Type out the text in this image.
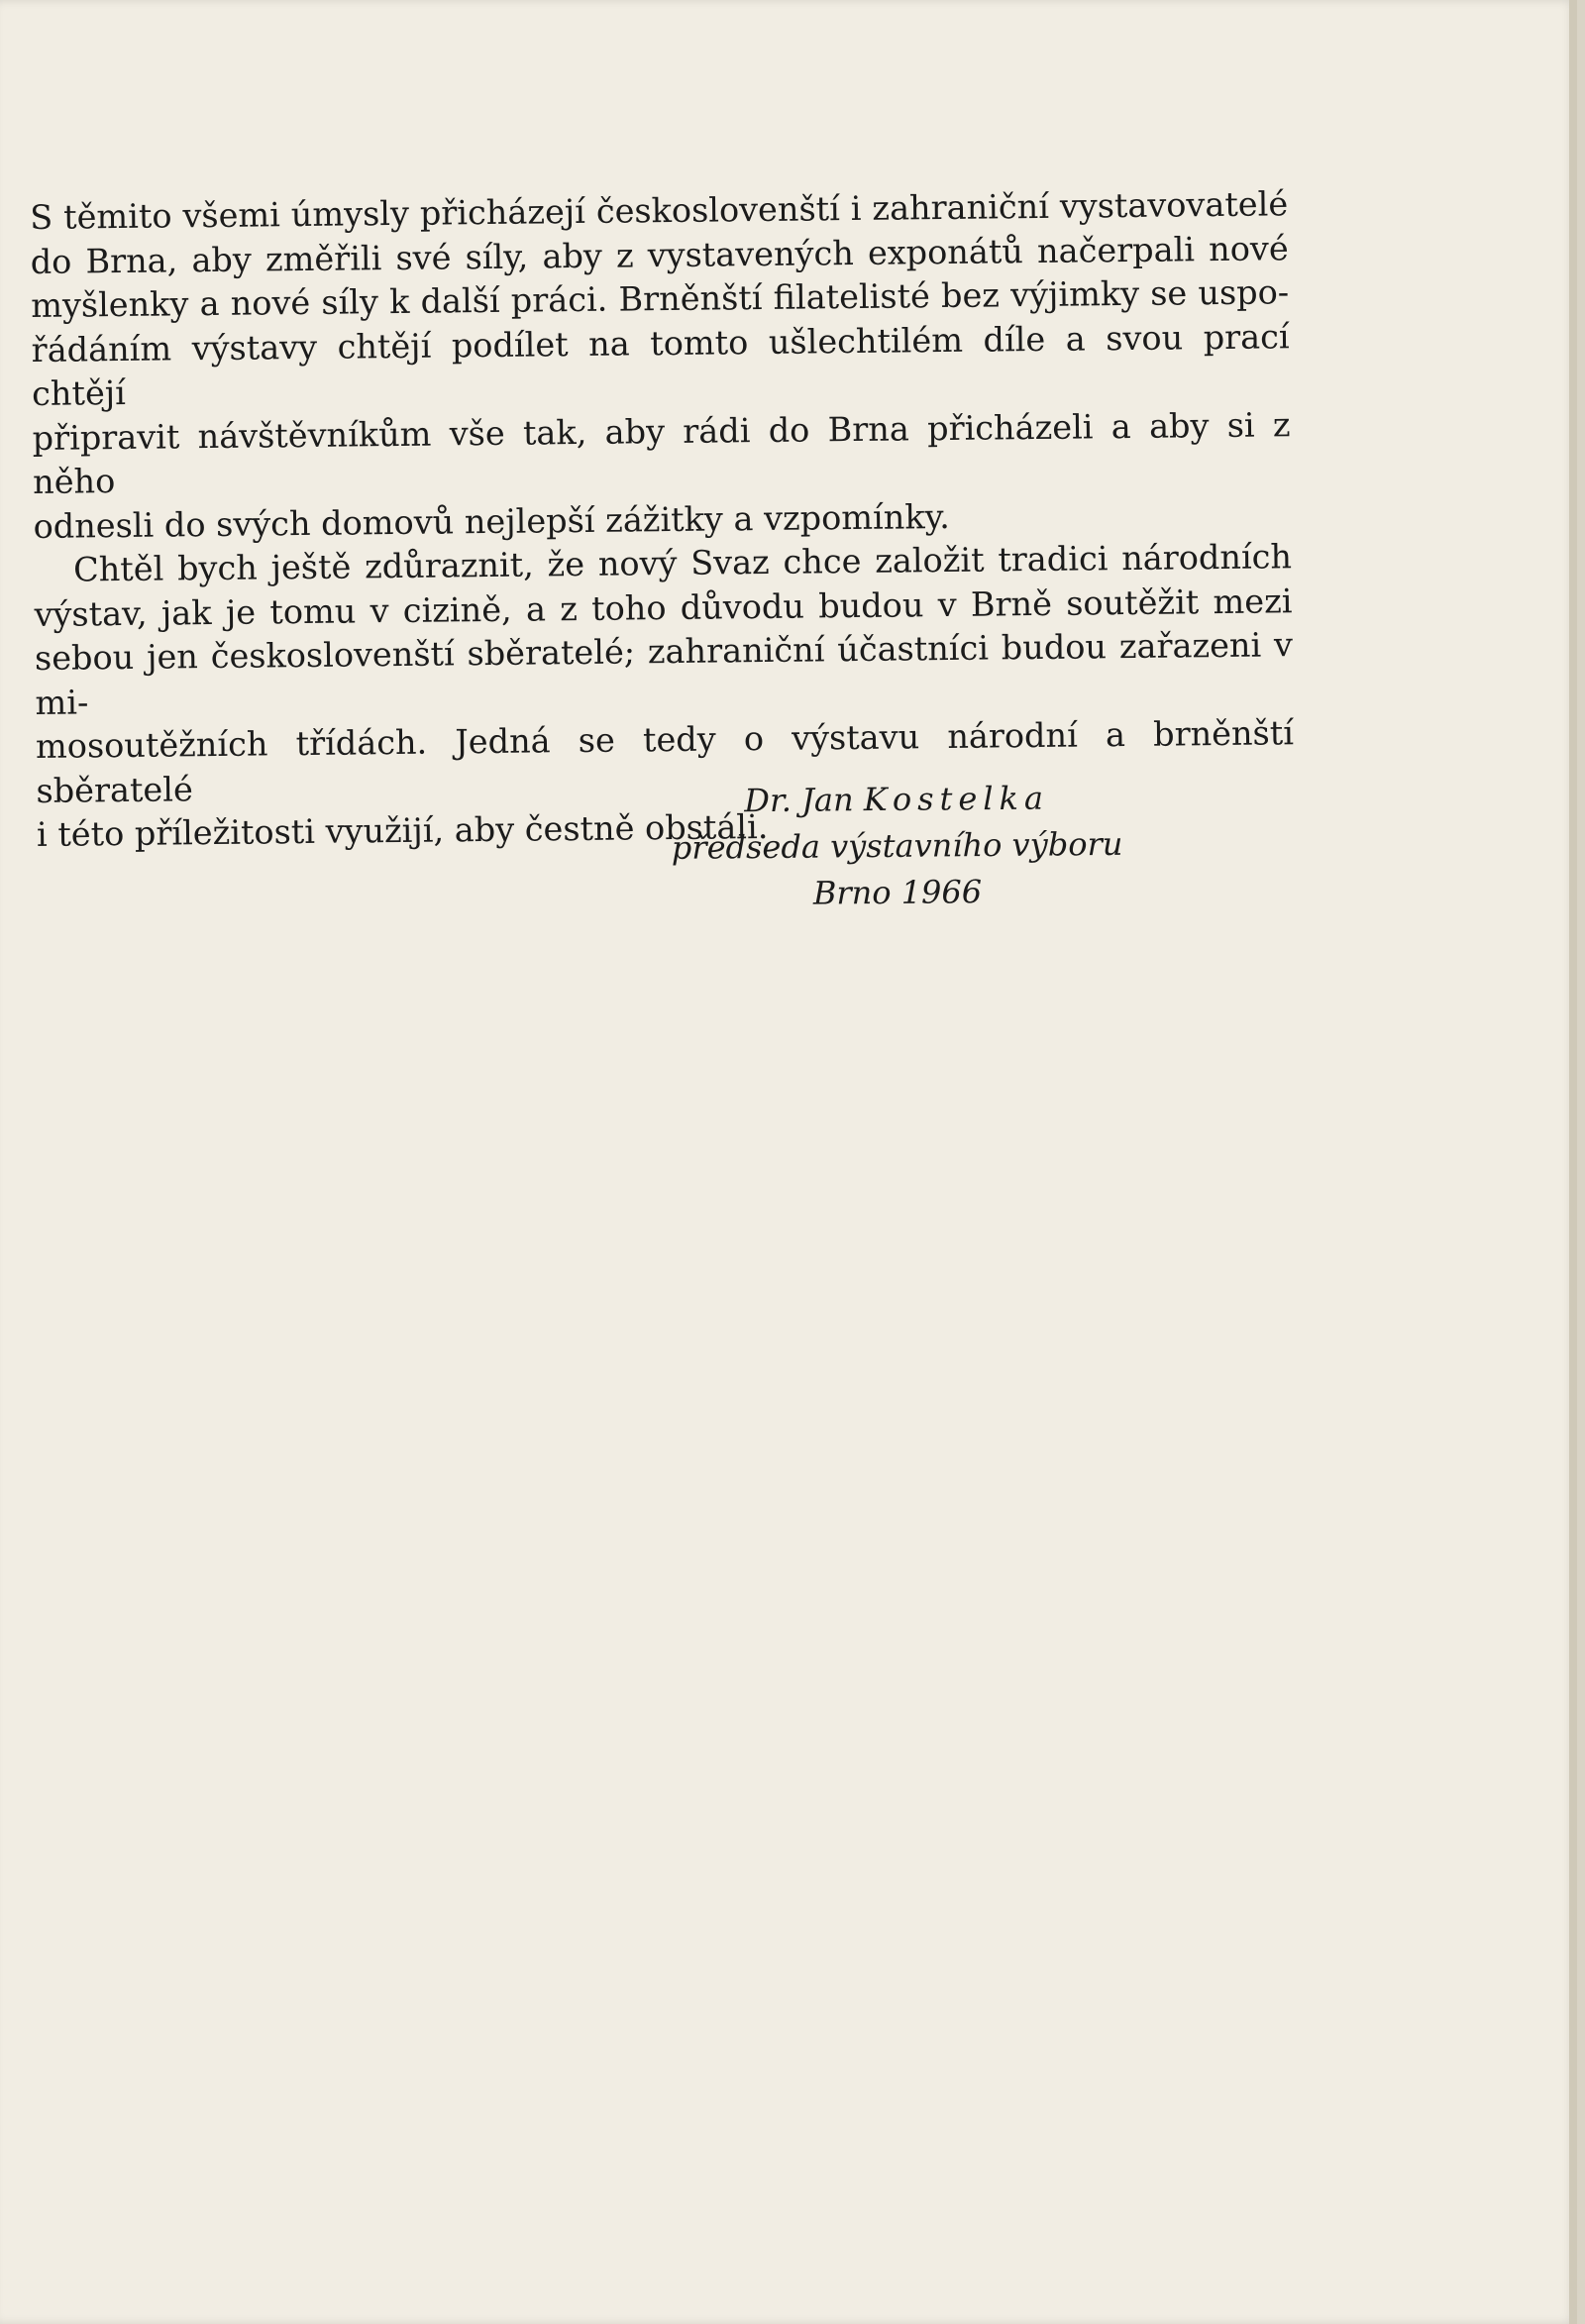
S těmito všemi úmysly přicházejí českoslovenští i zahraniční vystavovatelé
do Brna, aby změřili své síly, aby z vystavených exponátů načerpali nové
myšlenky a nové síly k další práci. Brněnští filatelisté bez výjimky se uspo-
řádáním výstavy chtějí podílet na tomto ušlechtilém díle a svou prací chtějí
připravit návštěvníkům vše tak, aby rádi do Brna přicházeli a aby si z něho
odnesli do svých domovů nejlepší zážitky a vzpomínky.

Chtěl bych ještě zdůraznit, že nový Svaz chce založit tradici národních
výstav, jak je tomu v cizině, a z toho důvodu budou v Brně soutěžit mezi
sebou jen českoslovenští sběratelé; zahraniční účastníci budou zařazeni v mi-
mosoutěžních třídách. Jedná se tedy o výstavu národní a brněnští sběratelé
i této příležitosti využijí, aby čestně obstáli.

Dr. Jan Kostelka
předseda výstavního výboru
Brno 1966
